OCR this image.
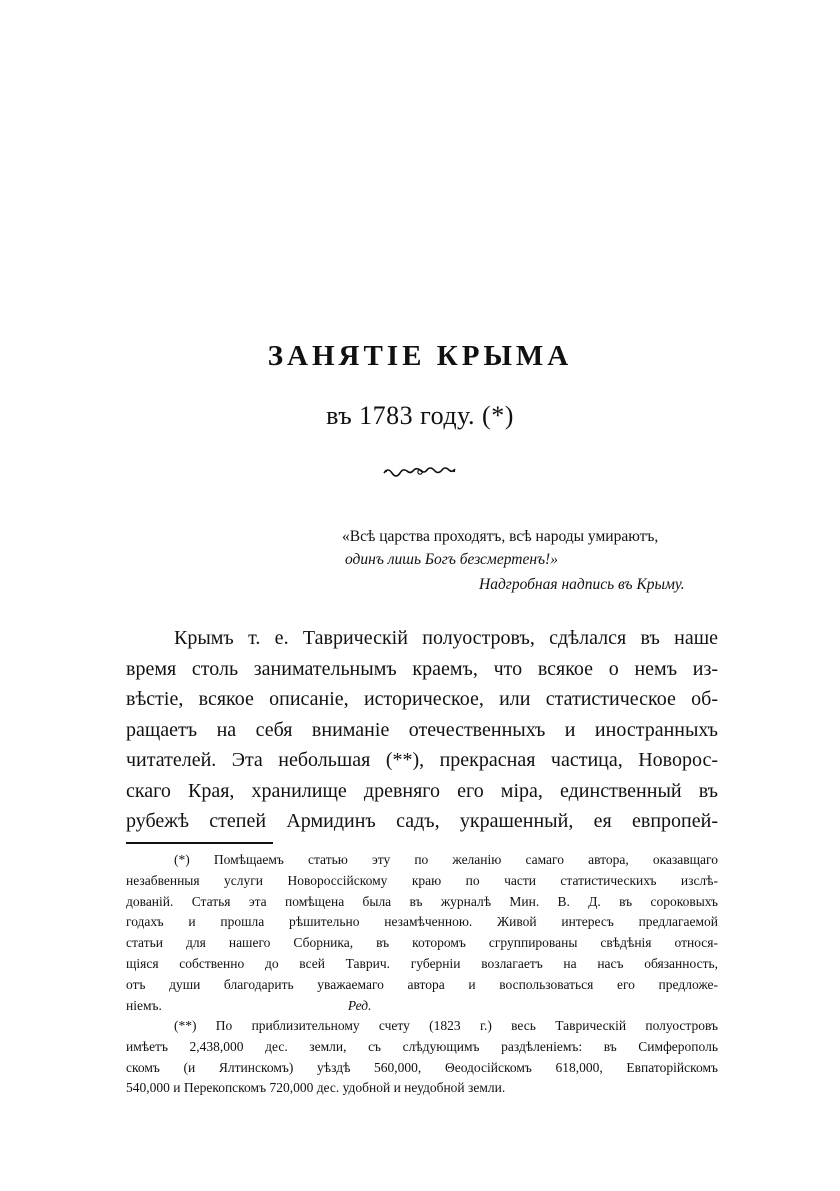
ЗАНЯТІЕ КРЫМА
въ 1783 году. (*)
«Всѣ царства проходятъ, всѣ народы умираютъ,
одинъ лишь Богъ безсмертенъ!»
Надгробная надпись въ Крыму.
Крымъ т. е. Таврическій полуостровъ, сдѣлался въ наше
время столь занимательнымъ краемъ, что всякое о немъ из-
вѣстіе, всякое описаніе, историческое, или статистическое об-
ращаетъ на себя вниманіе отечественныхъ и иностранныхъ
читателей. Эта небольшая (**), прекрасная частица, Новорос-
скаго Края, хранилище древняго его міра, единственный въ
рубежѣ степей Армидинъ садъ, украшенный, ея евпропей-
(*) Помѣщаемъ статью эту по желанію самаго автора, оказавщаго
незабвенныя услуги Новороссійскому краю по части статистическихъ изслѣ-
дованій. Статья эта помѣщена была въ журналѣ Мин. В. Д. въ сороковыхъ
годахъ и прошла рѣшительно незамѣченною. Живой интересъ предлагаемой
статьи для нашего Сборника, въ которомъ сгруппированы свѣдѣнія относя-
щіяся собственно до всей Таврич. губерніи возлагаетъ на насъ обязанность,
отъ души благодарить уважаемаго автора и воспользоваться его предложе-
ніемъ.	Ред.
(**) По приблизительному счету (1823 г.) весь Таврическій полуостровъ
имѣетъ 2,438,000 дес. земли, съ слѣдующимъ раздѣленіемъ: въ Симферополь
скомъ (и Ялтинскомъ) уѣздѣ 560,000, Θеодосійскомъ 618,000, Евпаторійскомъ
540,000 и Перекопскомъ 720,000 дес. удобной и неудобной земли.
